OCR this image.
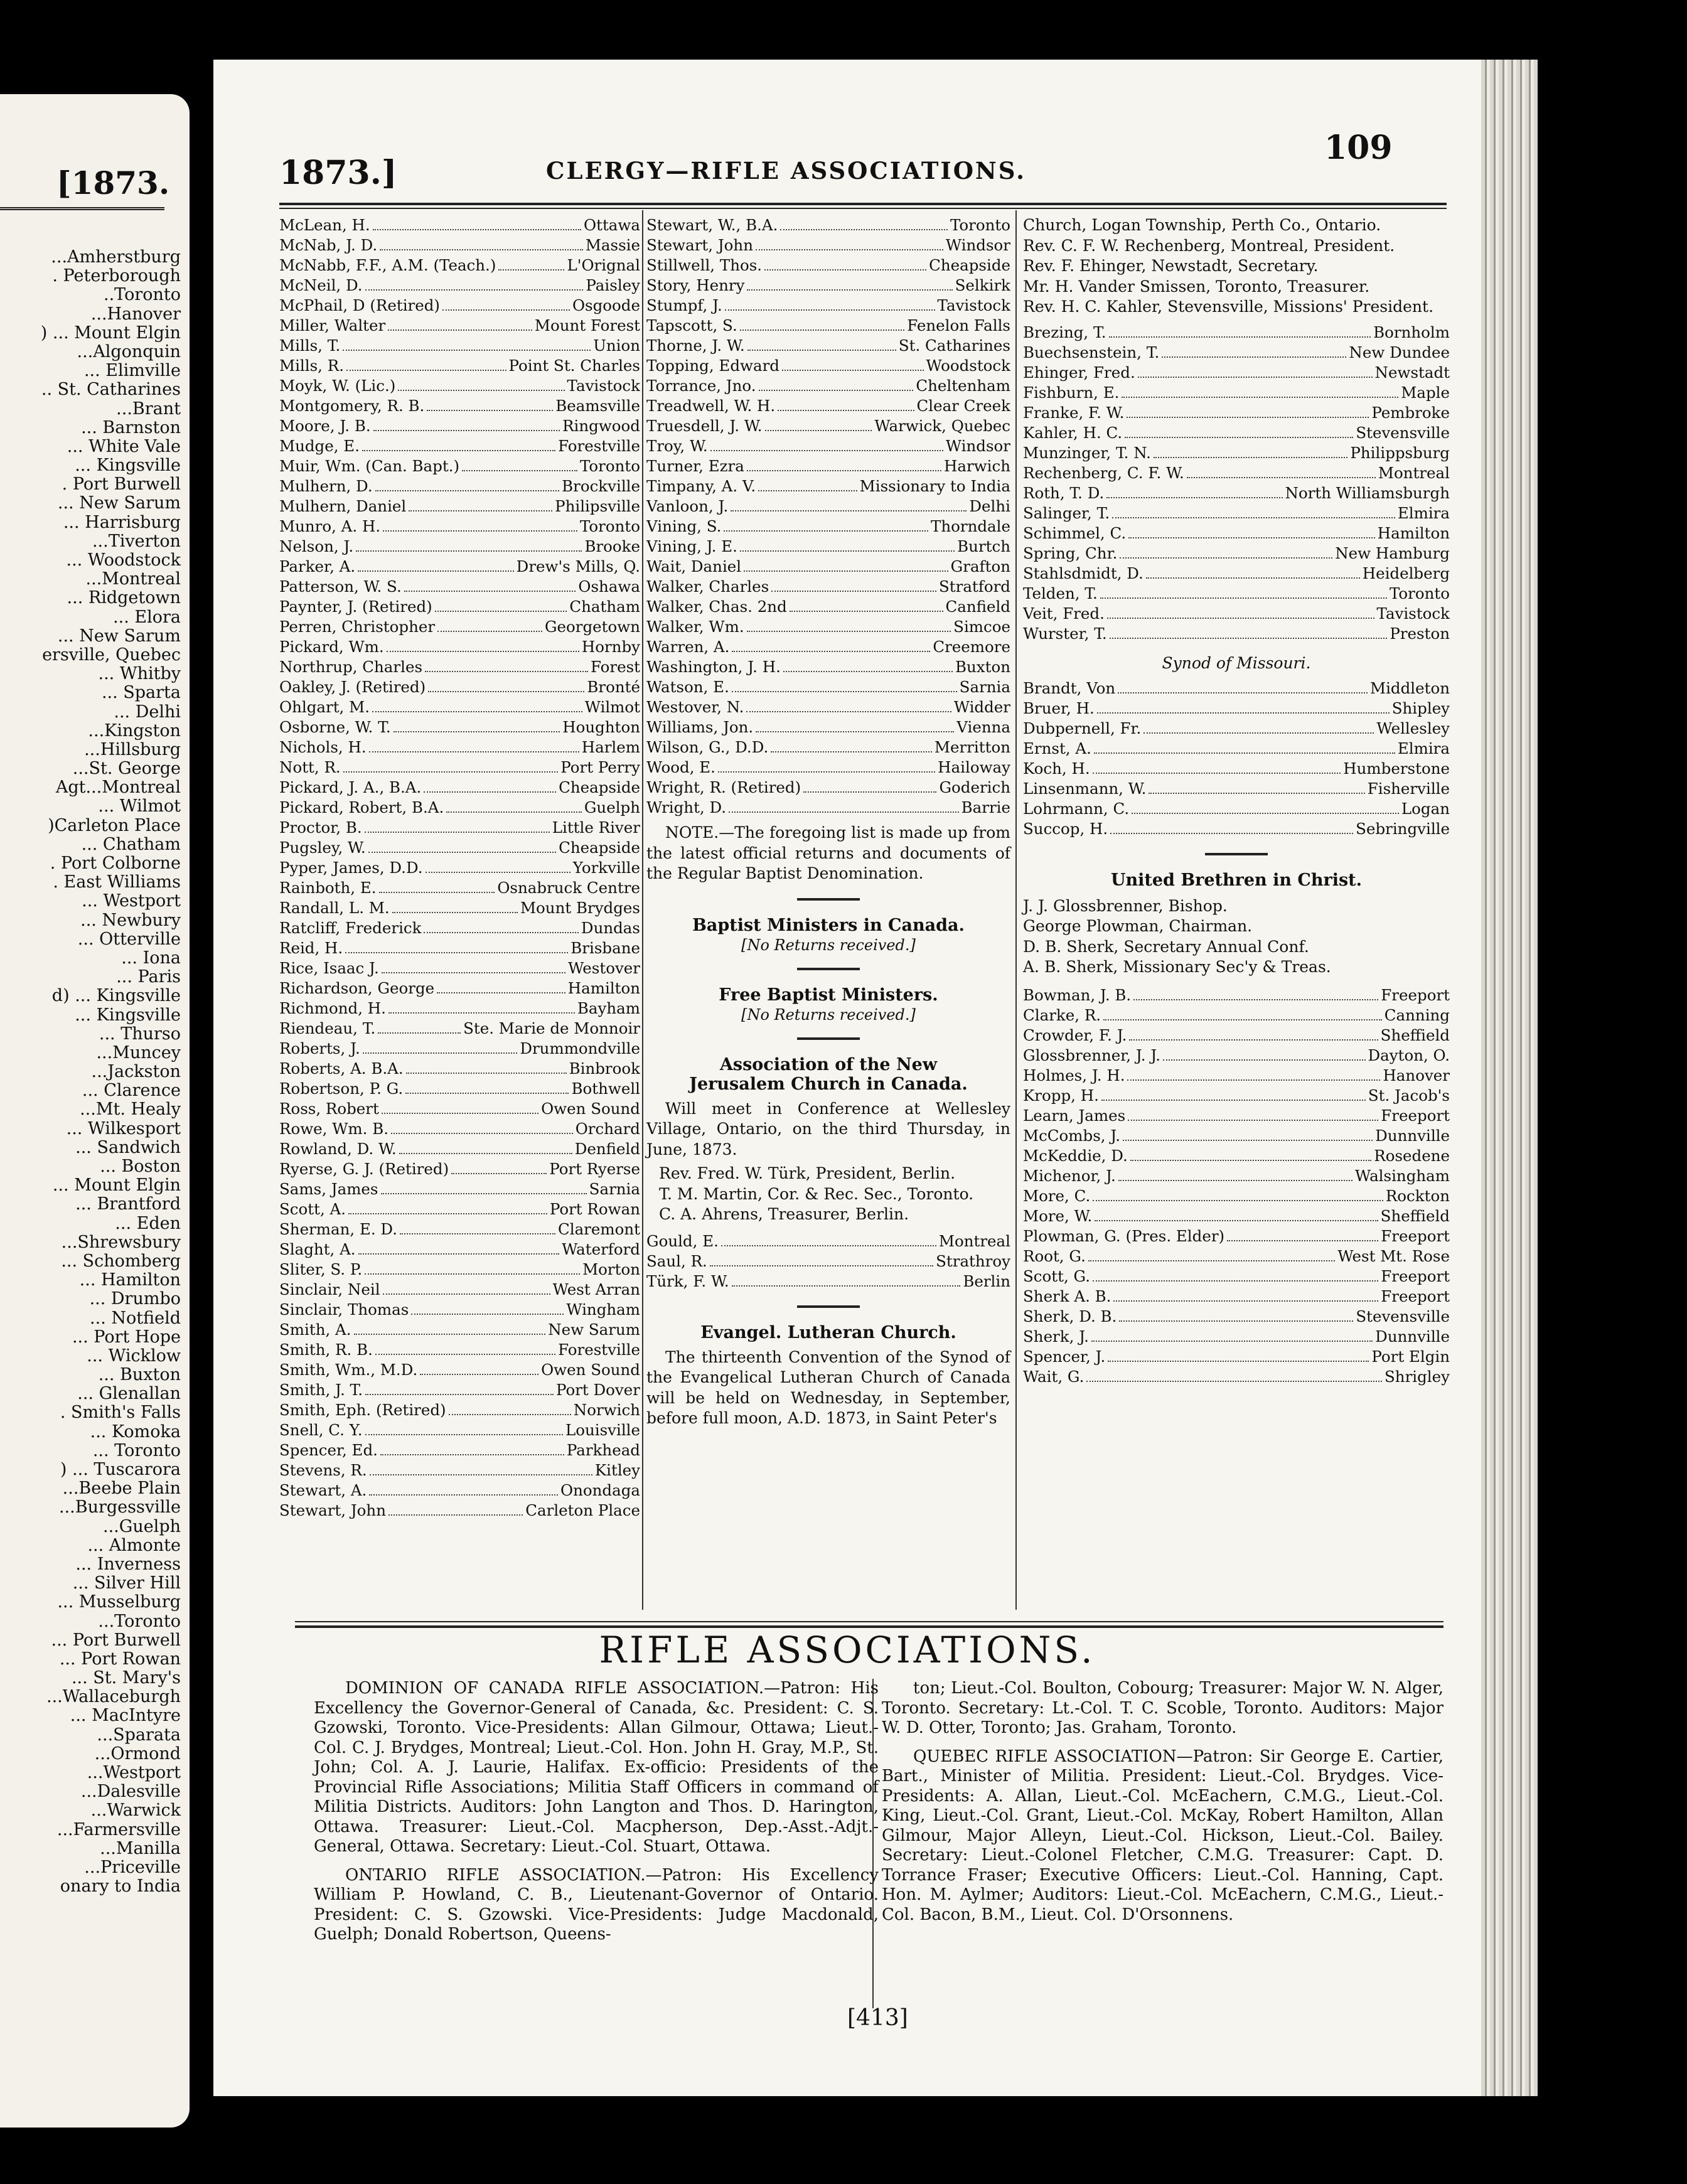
[1873.
...Amherstburg
. Peterborough
..Toronto
...Hanover
) ... Mount Elgin
...Algonquin
... Elimville
.. St. Catharines
...Brant
... Barnston
... White Vale
... Kingsville
. Port Burwell
... New Sarum
... Harrisburg
...Tiverton
... Woodstock
...Montreal
... Ridgetown
... Elora
... New Sarum
ersville, Quebec
... Whitby
... Sparta
... Delhi
...Kingston
...Hillsburg
...St. George
Agt...Montreal
... Wilmot
)Carleton Place
... Chatham
. Port Colborne
. East Williams
... Westport
... Newbury
... Otterville
... Iona
... Paris
d) ... Kingsville
... Kingsville
... Thurso
...Muncey
...Jackston
... Clarence
...Mt. Healy
... Wilkesport
... Sandwich
... Boston
... Mount Elgin
... Brantford
... Eden
...Shrewsbury
... Schomberg
... Hamilton
... Drumbo
... Notfield
... Port Hope
... Wicklow
... Buxton
... Glenallan
. Smith's Falls
... Komoka
... Toronto
) ... Tuscarora
...Beebe Plain
...Burgessville
...Guelph
... Almonte
... Inverness
... Silver Hill
... Musselburg
...Toronto
... Port Burwell
... Port Rowan
... St. Mary's
...Wallaceburgh
... MacIntyre
...Sparata
...Ormond
...Westport
...Dalesville
...Warwick
...Farmersville
...Manilla
...Priceville
onary to India
1873.]	CLERGY—RIFLE ASSOCIATIONS.
109
McLean, H.	Ottawa
McNab, J. D.	Massie
McNabb, F.F., A.M. (Teach.)	L'Orignal
McNeil, D.	Paisley
McPhail, D (Retired)	Osgoode
Miller, Walter	Mount Forest
Mills, T.	Union
Mills, R.	Point St. Charles
Moyk, W. (Lic.)	Tavistock
Montgomery, R. B.	Beamsville
Moore, J. B.	Ringwood
Mudge, E.	Forestville
Muir, Wm. (Can. Bapt.)	Toronto
Mulhern, D.	Brockville
Mulhern, Daniel	Philipsville
Munro, A. H.	Toronto
Nelson, J.	Brooke
Parker, A.	Drew's Mills, Q.
Patterson, W. S.	Oshawa
Paynter, J. (Retired)	Chatham
Perren, Christopher	Georgetown
Pickard, Wm.	Hornby
Northrup, Charles	Forest
Oakley, J. (Retired)	Bronté
Ohlgart, M.	Wilmot
Osborne, W. T.	Houghton
Nichols, H.	Harlem
Nott, R.	Port Perry
Pickard, J. A., B.A.	Cheapside
Pickard, Robert, B.A.	Guelph
Proctor, B.	Little River
Pugsley, W.	Cheapside
Pyper, James, D.D.	Yorkville
Rainboth, E.	Osnabruck Centre
Randall, L. M.	Mount Brydges
Ratcliff, Frederick	Dundas
Reid, H.	Brisbane
Rice, Isaac J.	Westover
Richardson, George	Hamilton
Richmond, H.	Bayham
Riendeau, T.	Ste. Marie de Monnoir
Roberts, J.	Drummondville
Roberts, A. B.A.	Binbrook
Robertson, P. G.	Bothwell
Ross, Robert	Owen Sound
Rowe, Wm. B.	Orchard
Rowland, D. W.	Denfield
Ryerse, G. J. (Retired)	Port Ryerse
Sams, James	Sarnia
Scott, A.	Port Rowan
Sherman, E. D.	Claremont
Slaght, A.	Waterford
Sliter, S. P.	Morton
Sinclair, Neil	West Arran
Sinclair, Thomas	Wingham
Smith, A.	New Sarum
Smith, R. B.	Forestville
Smith, Wm., M.D.	Owen Sound
Smith, J. T.	Port Dover
Smith, Eph. (Retired)	Norwich
Snell, C. Y.	Louisville
Spencer, Ed.	Parkhead
Stevens, R.	Kitley
Stewart, A.	Onondaga
Stewart, John	Carleton Place
Stewart, W., B.A.	Toronto
Stewart, John	Windsor
Stillwell, Thos.	Cheapside
Story, Henry	Selkirk
Stumpf, J.	Tavistock
Tapscott, S.	Fenelon Falls
Thorne, J. W.	St. Catharines
Topping, Edward	Woodstock
Torrance, Jno.	Cheltenham
Treadwell, W. H.	Clear Creek
Truesdell, J. W.	Warwick, Quebec
Troy, W.	Windsor
Turner, Ezra	Harwich
Timpany, A. V.	Missionary to India
Vanloon, J.	Delhi
Vining, S.	Thorndale
Vining, J. E.	Burtch
Wait, Daniel	Grafton
Walker, Charles	Stratford
Walker, Chas. 2nd	Canfield
Walker, Wm.	Simcoe
Warren, A.	Creemore
Washington, J. H.	Buxton
Watson, E.	Sarnia
Westover, N.	Widder
Williams, Jon.	Vienna
Wilson, G., D.D.	Merritton
Wood, E.	Hailoway
Wright, R. (Retired)	Goderich
Wright, D.	Barrie

NOTE.—The foregoing list is made up from the latest official returns and documents of the Regular Baptist Denomination.

Baptist Ministers in Canada.

[No Returns received.]

Free Baptist Ministers.

[No Returns received.]

Association of the New Jerusalem Church in Canada.

Will meet in Conference at Wellesley Village, Ontario, on the third Thursday, in June, 1873.

Rev. Fred. W. Türk, President, Berlin.

T. M. Martin, Cor. & Rec. Sec., Toronto.

C. A. Ahrens, Treasurer, Berlin.

Gould, E.	Montreal
Saul, R.	Strathroy
Türk, F. W.	Berlin

Evangel. Lutheran Church.

The thirteenth Convention of the Synod of the Evangelical Lutheran Church of Canada will be held on Wednesday, in September, before full moon, A.D. 1873, in Saint Peter's

Church, Logan Township, Perth Co., Ontario.

Rev. C. F. W. Rechenberg, Montreal, President.

Rev. F. Ehinger, Newstadt, Secretary.

Mr. H. Vander Smissen, Toronto, Treasurer.

Rev. H. C. Kahler, Stevensville, Missions' President.

Brezing, T.	Bornholm
Buechsenstein, T.	New Dundee
Ehinger, Fred.	Newstadt
Fishburn, E.	Maple
Franke, F. W.	Pembroke
Kahler, H. C.	Stevensville
Munzinger, T. N.	Philippsburg
Rechenberg, C. F. W.	Montreal
Roth, T. D.	North Williamsburgh
Salinger, T.	Elmira
Schimmel, C.	Hamilton
Spring, Chr.	New Hamburg
Stahlsdmidt, D.	Heidelberg
Telden, T.	Toronto
Veit, Fred.	Tavistock
Wurster, T.	Preston

Synod of Missouri.

Brandt, Von	Middleton
Bruer, H.	Shipley
Dubpernell, Fr.	Wellesley
Ernst, A.	Elmira
Koch, H.	Humberstone
Linsenmann, W.	Fisherville
Lohrmann, C.	Logan
Succop, H.	Sebringville

United Brethren in Christ.

J. J. Glossbrenner, Bishop.

George Plowman, Chairman.

D. B. Sherk, Secretary Annual Conf.

A. B. Sherk, Missionary Sec'y & Treas.

Bowman, J. B.	Freeport
Clarke, R.	Canning
Crowder, F. J.	Sheffield
Glossbrenner, J. J.	Dayton, O.
Holmes, J. H.	Hanover
Kropp, H.	St. Jacob's
Learn, James	Freeport
McCombs, J.	Dunnville
McKeddie, D.	Rosedene
Michenor, J.	Walsingham
More, C.	Rockton
More, W.	Sheffield
Plowman, G. (Pres. Elder)	Freeport
Root, G.	West Mt. Rose
Scott, G.	Freeport
Sherk A. B.	Freeport
Sherk, D. B.	Stevensville
Sherk, J.	Dunnville
Spencer, J.	Port Elgin
Wait, G.	Shrigley
RIFLE ASSOCIATIONS.

DOMINION OF CANADA RIFLE ASSOCIATION.—Patron: His Excellency the Governor-General of Canada, &c. President: C. S. Gzowski, Toronto. Vice-Presidents: Allan Gilmour, Ottawa; Lieut.-Col. C. J. Brydges, Montreal; Lieut.-Col. Hon. John H. Gray, M.P., St. John; Col. A. J. Laurie, Halifax. Ex-officio: Presidents of the Provincial Rifle Associations; Militia Staff Officers in command of Militia Districts. Auditors: John Langton and Thos. D. Harington, Ottawa. Treasurer: Lieut.-Col. Macpherson, Dep.-Asst.-Adjt.-General, Ottawa. Secretary: Lieut.-Col. Stuart, Ottawa.

ONTARIO RIFLE ASSOCIATION.—Patron: His Excellency William P. Howland, C. B., Lieutenant-Governor of Ontario. President: C. S. Gzowski. Vice-Presidents: Judge Macdonald, Guelph; Donald Robertson, Queens-

ton; Lieut.-Col. Boulton, Cobourg; Treasurer: Major W. N. Alger, Toronto. Secretary: Lt.-Col. T. C. Scoble, Toronto. Auditors: Major W. D. Otter, Toronto; Jas. Graham, Toronto.

QUEBEC RIFLE ASSOCIATION—Patron: Sir George E. Cartier, Bart., Minister of Militia. President: Lieut.-Col. Brydges. Vice-Presidents: A. Allan, Lieut.-Col. McEachern, C.M.G., Lieut.-Col. King, Lieut.-Col. Grant, Lieut.-Col. McKay, Robert Hamilton, Allan Gilmour, Major Alleyn, Lieut.-Col. Hickson, Lieut.-Col. Bailey. Secretary: Lieut.-Colonel Fletcher, C.M.G. Treasurer: Capt. D. Torrance Fraser; Executive Officers: Lieut.-Col. Hanning, Capt. Hon. M. Aylmer; Auditors: Lieut.-Col. McEachern, C.M.G., Lieut.-Col. Bacon, B.M., Lieut. Col. D'Orsonnens.

[413]
